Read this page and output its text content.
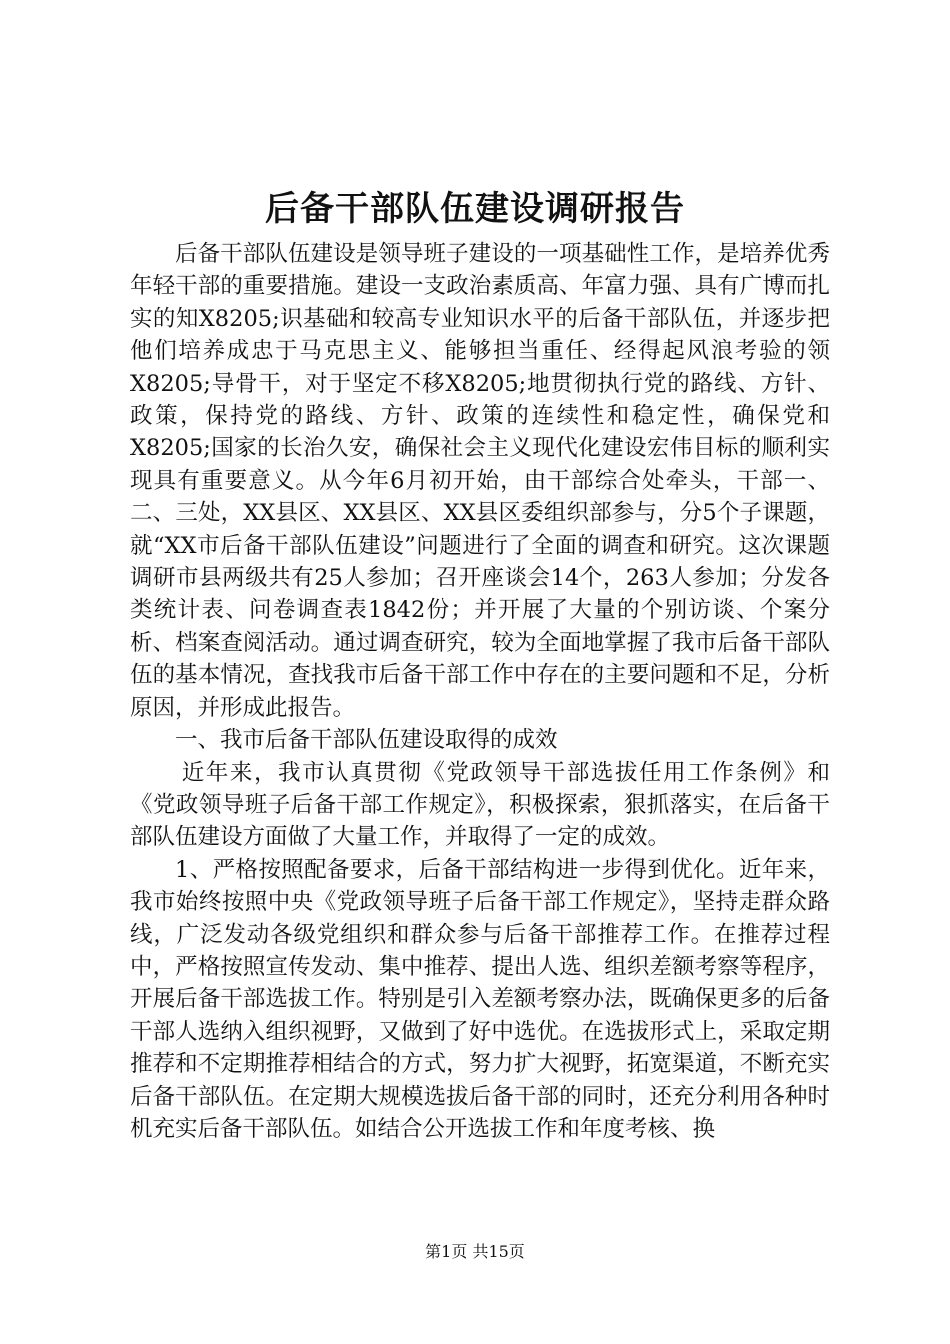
后备干部队伍建设调研报告

后备干部队伍建设是领导班子建设的一项基础性工作，是培养优秀年轻干部的重要措施。建设一支政治素质高、年富力强、具有广博而扎实的知X8205;识基础和较高专业知识水平的后备干部队伍，并逐步把他们培养成忠于马克思主义、能够担当重任、经得起风浪考验的领X8205;导骨干，对于坚定不移X8205;地贯彻执行党的路线、方针、政策，保持党的路线、方针、政策的连续性和稳定性，确保党和X8205;国家的长治久安，确保社会主义现代化建设宏伟目标的顺利实现具有重要意义。从今年6月初开始，由干部综合处牵头，干部一、二、三处，XX县区、XX县区、XX县区委组织部参与，分5个子课题，就“XX市后备干部队伍建设”问题进行了全面的调查和研究。这次课题调研市县两级共有25人参加；召开座谈会14个，263人参加；分发各类统计表、问卷调查表1842份；并开展了大量的个别访谈、个案分析、档案查阅活动。通过调查研究，较为全面地掌握了我市后备干部队伍的基本情况，查找我市后备干部工作中存在的主要问题和不足，分析原因，并形成此报告。

一、我市后备干部队伍建设取得的成效

近年来，我市认真贯彻《党政领导干部选拔任用工作条例》和《党政领导班子后备干部工作规定》，积极探索，狠抓落实，在后备干部队伍建设方面做了大量工作，并取得了一定的成效。

1、严格按照配备要求，后备干部结构进一步得到优化。近年来，我市始终按照中央《党政领导班子后备干部工作规定》，坚持走群众路线，广泛发动各级党组织和群众参与后备干部推荐工作。在推荐过程中，严格按照宣传发动、集中推荐、提出人选、组织差额考察等程序，开展后备干部选拔工作。特别是引入差额考察办法，既确保更多的后备干部人选纳入组织视野，又做到了好中选优。在选拔形式上，采取定期推荐和不定期推荐相结合的方式，努力扩大视野，拓宽渠道，不断充实后备干部队伍。在定期大规模选拔后备干部的同时，还充分利用各种时机充实后备干部队伍。如结合公开选拔工作和年度考核、换

第1页 共15页
